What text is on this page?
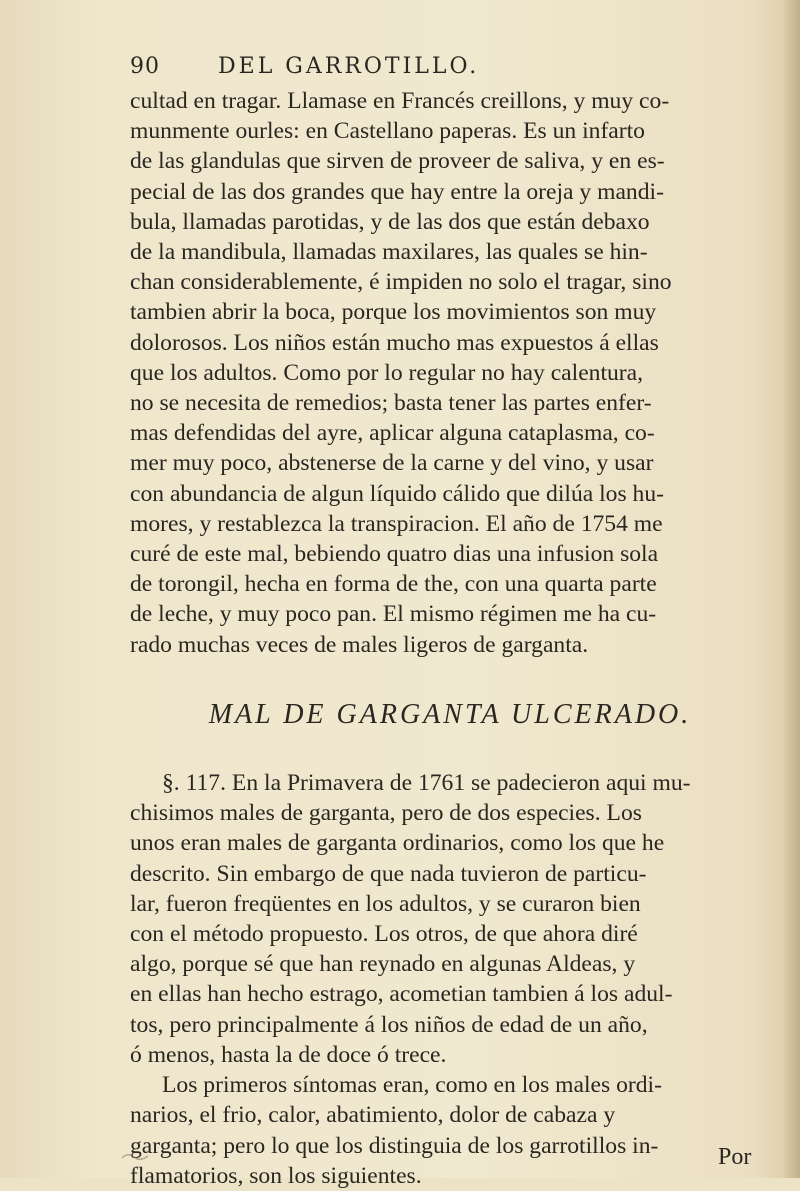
90	DEL GARROTILLO.
cultad en tragar. Llamase en Francés creillons, y muy co-
munmente ourles: en Castellano paperas. Es un infarto
de las glandulas que sirven de proveer de saliva, y en es-
pecial de las dos grandes que hay entre la oreja y mandi-
bula, llamadas parotidas, y de las dos que están debaxo
de la mandibula, llamadas maxilares, las quales se hin-
chan considerablemente, é impiden no solo el tragar, sino
tambien abrir la boca, porque los movimientos son muy
dolorosos. Los niños están mucho mas expuestos á ellas
que los adultos. Como por lo regular no hay calentura,
no se necesita de remedios; basta tener las partes enfer-
mas defendidas del ayre, aplicar alguna cataplasma, co-
mer muy poco, abstenerse de la carne y del vino, y usar
con abundancia de algun líquido cálido que dilúa los hu-
mores, y restablezca la transpiracion. El año de 1754 me
curé de este mal, bebiendo quatro dias una infusion sola
de torongil, hecha en forma de the, con una quarta parte
de leche, y muy poco pan. El mismo régimen me ha cu-
rado muchas veces de males ligeros de garganta.
MAL DE GARGANTA ULCERADO.
§. 117. En la Primavera de 1761 se padecieron aqui mu-
chisimos males de garganta, pero de dos especies. Los
unos eran males de garganta ordinarios, como los que he
descrito. Sin embargo de que nada tuvieron de particu-
lar, fueron freqüentes en los adultos, y se curaron bien
con el método propuesto. Los otros, de que ahora diré
algo, porque sé que han reynado en algunas Aldeas, y
en ellas han hecho estrago, acometian tambien á los adul-
tos, pero principalmente á los niños de edad de un año,
ó menos, hasta la de doce ó trece.
Los primeros síntomas eran, como en los males ordi-
narios, el frio, calor, abatimiento, dolor de cabaza y
garganta; pero lo que los distinguia de los garrotillos in-
flamatorios, son los siguientes.
Por
